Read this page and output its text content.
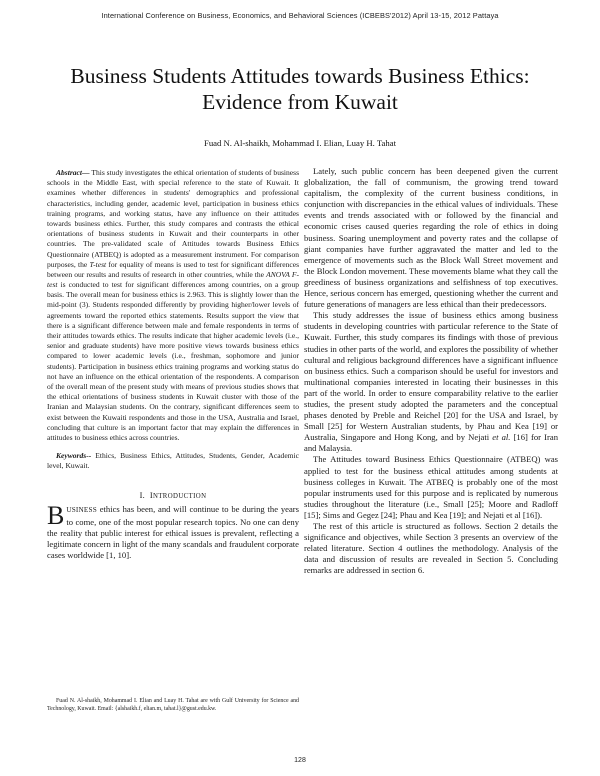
International Conference on Business, Economics, and Behavioral Sciences (ICBEBS'2012) April 13-15, 2012 Pattaya
Business Students Attitudes towards Business Ethics: Evidence from Kuwait
Fuad N. Al-shaikh, Mohammad I. Elian, Luay H. Tahat

Abstract— This study investigates the ethical orientation of students of business schools in the Middle East, with special reference to the state of Kuwait. It examines whether differences in students' demographics and professional characteristics, including gender, academic level, participation in business ethics training programs, and working status, have any influence on their attitudes towards business ethics. Further, this study compares and contrasts the ethical orientations of business students in Kuwait and their counterparts in other countries. The pre-validated scale of Attitudes towards Business Ethics Questionnaire (ATBEQ) is adopted as a measurement instrument. For comparison purposes, the T-test for equality of means is used to test for significant differences between our results and results of research in other countries, while the ANOVA F-test is conducted to test for significant differences among countries, on a group basis. The overall mean for business ethics is 2.963. This is slightly lower than the mid-point (3). Students responded differently by providing higher/lower levels of agreements toward the reported ethics statements. Results support the view that there is a significant difference between male and female respondents in terms of their attitudes towards ethics. The results indicate that higher academic levels (i.e., senior and graduate students) have more positive views towards business ethics compared to lower academic levels (i.e., freshman, sophomore and junior students). Participation in business ethics training programs and working status do not have an influence on the ethical orientation of the respondents. A comparison of the overall mean of the present study with means of previous studies shows that the ethical orientations of business students in Kuwait cluster with those of the Iranian and Malaysian students. On the contrary, significant differences seem to exist between the Kuwaiti respondents and those in the USA, Australia and Israel, concluding that culture is an important factor that may explain the differences in attitudes to business ethics across countries.

Keywords-- Ethics, Business Ethics, Attitudes, Students, Gender, Academic level, Kuwait.

I. INTRODUCTION

BUSINESS ethics has been, and will continue to be during the years to come, one of the most popular research topics. No one can deny the reality that public interest for ethical issues is prevalent, reflecting a legitimate concern in light of the many scandals and fraudulent corporate cases worldwide [1, 10].

Fuad N. Al-shaikh, Mohammad I. Elian and Luay H. Tahat are with Gulf University for Science and Technology, Kuwait. Email: {alshaikh.f, elian.m, tahat.l}@gust.edu.kw.

Lately, such public concern has been deepened given the current globalization, the fall of communism, the growing trend toward capitalism, the complexity of the current business conditions, in conjunction with discrepancies in the ethical values of individuals. These events and trends associated with or followed by the financial and economic crises caused queries regarding the role of ethics in doing business. Soaring unemployment and poverty rates and the collapse of giant companies have further aggravated the matter and led to the emergence of movements such as the Block Wall Street movement and the Block London movement. These movements blame what they call the greediness of business organizations and selfishness of top executives. Hence, serious concern has emerged, questioning whether the current and future generations of managers are less ethical than their predecessors.

This study addresses the issue of business ethics among business students in developing countries with particular reference to the State of Kuwait. Further, this study compares its findings with those of previous studies in other parts of the world, and explores the possibility of whether cultural and religious background differences have a significant influence on business ethics. Such a comparison should be useful for investors and multinational companies interested in locating their businesses in this part of the world. In order to ensure comparability relative to the earlier studies, the present study adopted the parameters and the conceptual phases denoted by Preble and Reichel [20] for the USA and Israel, by Small [25] for Western Australian students, by Phau and Kea [19] or Australia, Singapore and Hong Kong, and by Nejati et al. [16] for Iran and Malaysia.

The Attitudes toward Business Ethics Questionnaire (ATBEQ) was applied to test for the business ethical attitudes among students at business colleges in Kuwait. The ATBEQ is probably one of the most popular instruments used for this purpose and is replicated by numerous studies throughout the literature (i.e., Small [25]; Moore and Radloff [15]; Sims and Gegez [24]; Phau and Kea [19]; and Nejati et al [16]).

The rest of this article is structured as follows. Section 2 details the significance and objectives, while Section 3 presents an overview of the related literature. Section 4 outlines the methodology. Analysis of the data and discussion of results are revealed in Section 5. Concluding remarks are addressed in section 6.

128
